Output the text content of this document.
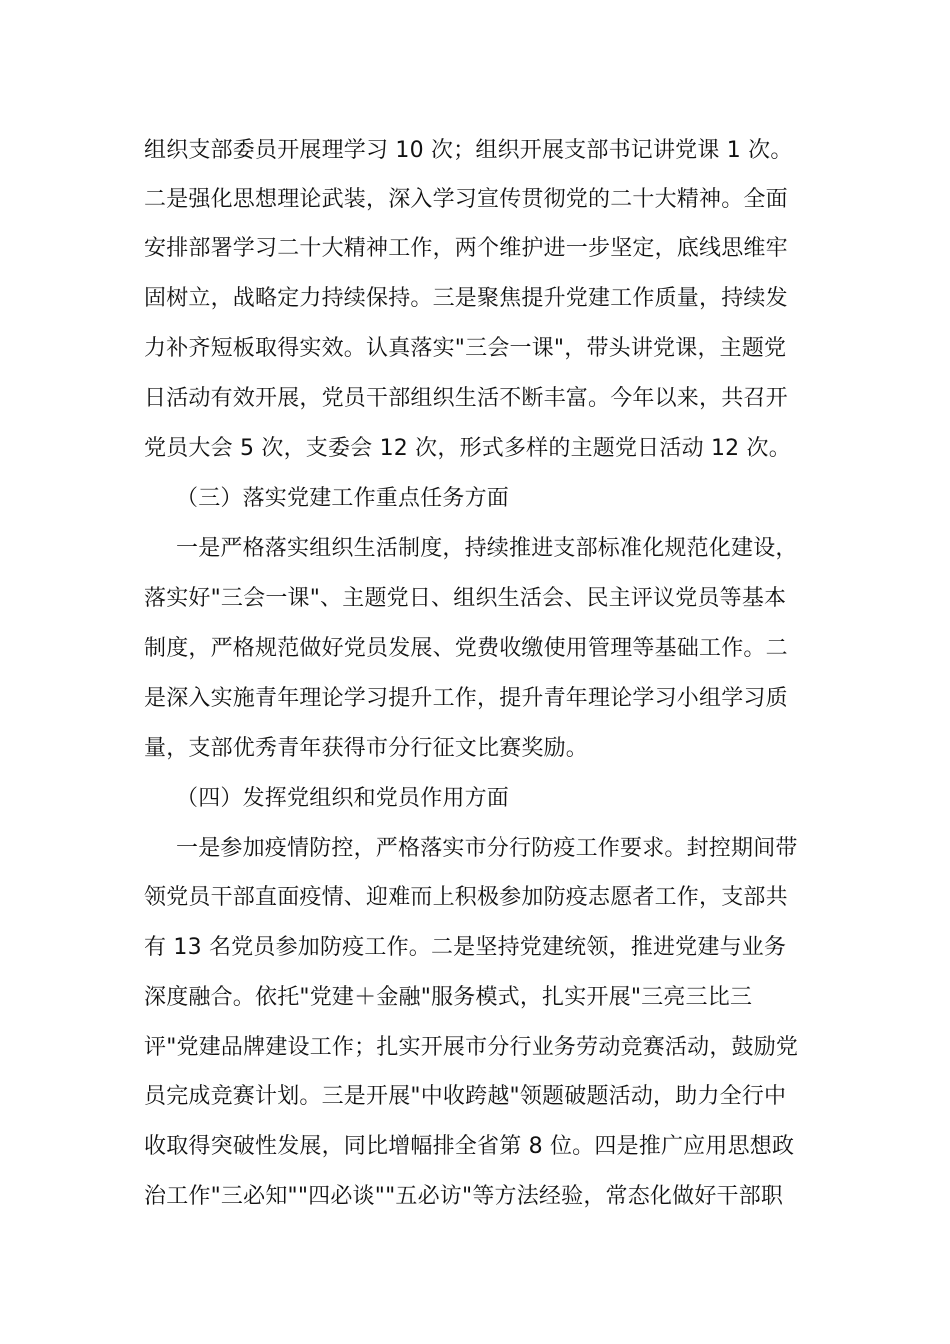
组织支部委员开展理学习 10 次；组织开展支部书记讲党课 1 次。
二是强化思想理论武装，深入学习宣传贯彻党的二十大精神。全面
安排部署学习二十大精神工作，两个维护进一步坚定，底线思维牢
固树立，战略定力持续保持。三是聚焦提升党建工作质量，持续发
力补齐短板取得实效。认真落实"三会一课"，带头讲党课，主题党
日活动有效开展，党员干部组织生活不断丰富。今年以来，共召开
党员大会 5 次，支委会 12 次，形式多样的主题党日活动 12 次。
（三）落实党建工作重点任务方面
一是严格落实组织生活制度，持续推进支部标准化规范化建设，
落实好"三会一课"、主题党日、组织生活会、民主评议党员等基本
制度，严格规范做好党员发展、党费收缴使用管理等基础工作。二
是深入实施青年理论学习提升工作，提升青年理论学习小组学习质
量，支部优秀青年获得市分行征文比赛奖励。
（四）发挥党组织和党员作用方面
一是参加疫情防控，严格落实市分行防疫工作要求。封控期间带
领党员干部直面疫情、迎难而上积极参加防疫志愿者工作，支部共
有 13 名党员参加防疫工作。二是坚持党建统领，推进党建与业务
深度融合。依托"党建＋金融"服务模式，扎实开展"三亮三比三
评"党建品牌建设工作；扎实开展市分行业务劳动竞赛活动，鼓励党
员完成竞赛计划。三是开展"中收跨越"领题破题活动，助力全行中
收取得突破性发展，同比增幅排全省第 8 位。四是推广应用思想政
治工作"三必知""四必谈""五必访"等方法经验，常态化做好干部职
